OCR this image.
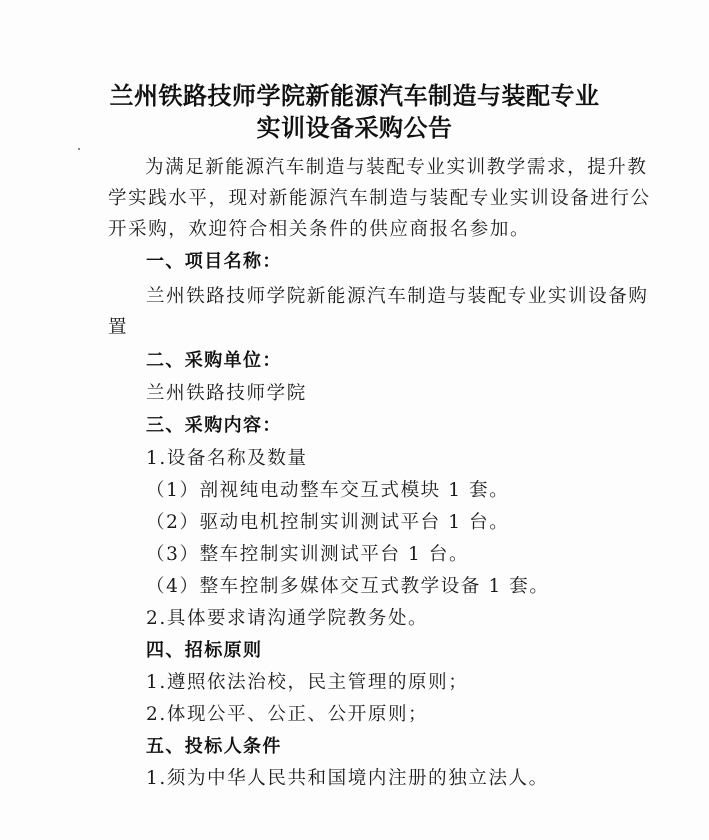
兰州铁路技师学院新能源汽车制造与装配专业
实训设备采购公告
为满足新能源汽车制造与装配专业实训教学需求，提升教
学实践水平，现对新能源汽车制造与装配专业实训设备进行公
开采购，欢迎符合相关条件的供应商报名参加。
一、项目名称：
兰州铁路技师学院新能源汽车制造与装配专业实训设备购
置
二、采购单位：
兰州铁路技师学院
三、采购内容：
1.设备名称及数量
（1）剖视纯电动整车交互式模块 1 套。
（2）驱动电机控制实训测试平台 1 台。
（3）整车控制实训测试平台 1 台。
（4）整车控制多媒体交互式教学设备 1 套。
2.具体要求请沟通学院教务处。
四、招标原则
1.遵照依法治校，民主管理的原则；
2.体现公平、公正、公开原则；
五、投标人条件
1.须为中华人民共和国境内注册的独立法人。
